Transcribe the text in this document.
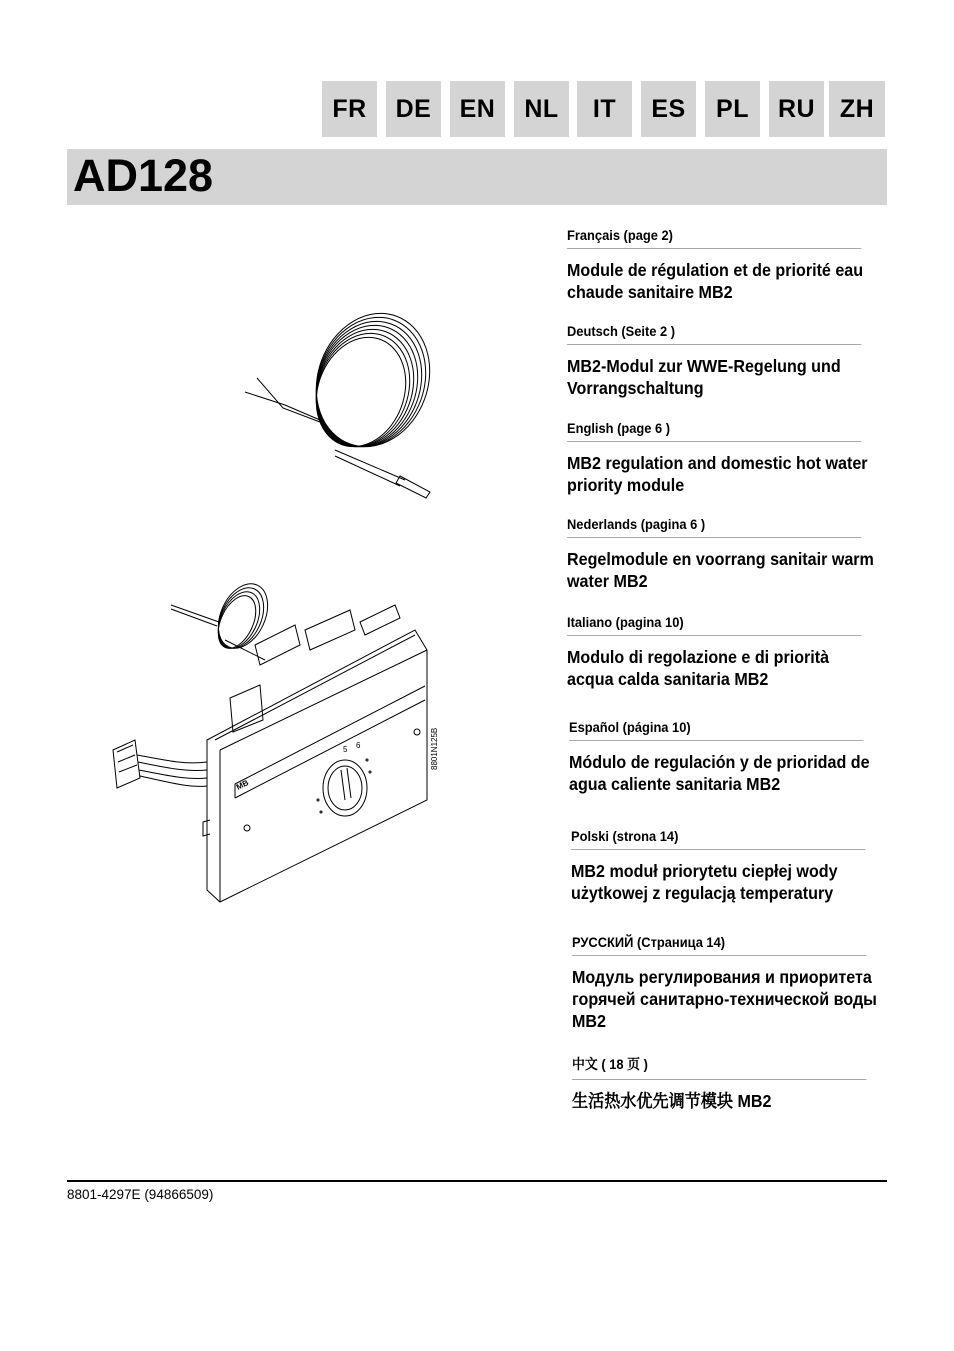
FR	DE	EN	NL	IT	ES	PL	RU ZH
AD128
5 6
MB
8801N125B
Français (page 2)
Module de régulation et de priorité eau chaude sanitaire MB2
Deutsch (Seite 2 )
MB2-Modul zur WWE-Regelung und Vorrangschaltung
English (page 6 )
MB2 regulation and domestic hot water priority module
Nederlands (pagina 6 )
Regelmodule en voorrang sanitair warm water MB2
Italiano (pagina 10)
Modulo di regolazione e di priorità acqua calda sanitaria MB2
Español (página 10)
Módulo de regulación y de prioridad de agua caliente sanitaria MB2
Polski (strona 14)
MB2 moduł priorytetu ciepłej wody użytkowej z regulacją temperatury
РУССКИЙ (Страница 14)
Модуль регулирования и приоритета горячей санитарно-технической воды MB2
中文 ( 18 页 )
生活热水优先调节模块 MB2
8801-4297E (94866509)
